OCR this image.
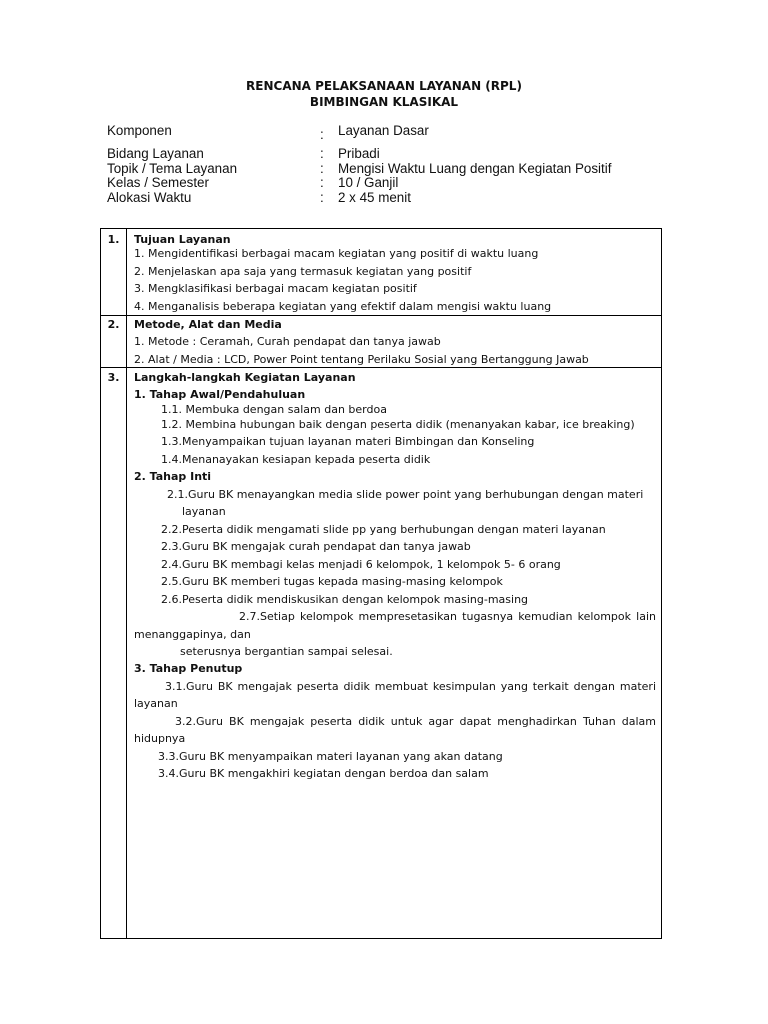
RENCANA PELAKSANAAN LAYANAN (RPL)
BIMBINGAN KLASIKAL
Komponen	: Layanan Dasar
Bidang Layanan	: Pribadi
Topik / Tema Layanan	: Mengisi Waktu Luang dengan Kegiatan Positif
Kelas / Semester	: 10 / Ganjil
Alokasi Waktu	: 2 x 45 menit
1.	Tujuan Layanan
1. Mengidentifikasi berbagai macam kegiatan yang positif di waktu luang
2. Menjelaskan apa saja yang termasuk kegiatan yang positif
3. Mengklasifikasi berbagai macam kegiatan positif
4. Menganalisis beberapa kegiatan yang efektif dalam mengisi waktu luang
2.	Metode, Alat dan Media
1. Metode : Ceramah, Curah pendapat dan tanya jawab
2. Alat / Media : LCD, Power Point tentang Perilaku Sosial yang Bertanggung Jawab
3.	Langkah-langkah Kegiatan Layanan
1. Tahap Awal/Pendahuluan
1.1. Membuka dengan salam dan berdoa
1.2. Membina hubungan baik dengan peserta didik (menanyakan kabar, ice breaking)
1.3.Menyampaikan tujuan layanan materi Bimbingan dan Konseling
1.4.Menanayakan kesiapan kepada peserta didik
2. Tahap Inti
2.1.Guru BK menayangkan media slide power point yang berhubungan dengan materi
layanan
2.2.Peserta didik mengamati slide pp yang berhubungan dengan materi layanan
2.3.Guru BK mengajak curah pendapat dan tanya jawab
2.4.Guru BK membagi kelas menjadi 6 kelompok, 1 kelompok 5- 6 orang
2.5.Guru BK memberi tugas kepada masing-masing kelompok
2.6.Peserta didik mendiskusikan dengan kelompok masing-masing
2.7.Setiap kelompok mempresetasikan tugasnya kemudian kelompok lain
menanggapinya, dan
seterusnya bergantian sampai selesai.
3. Tahap Penutup
3.1.Guru BK mengajak peserta didik membuat kesimpulan yang terkait dengan materi
layanan
3.2.Guru BK mengajak peserta didik untuk agar dapat menghadirkan Tuhan dalam
hidupnya
3.3.Guru BK menyampaikan materi layanan yang akan datang
3.4.Guru BK mengakhiri kegiatan dengan berdoa dan salam
